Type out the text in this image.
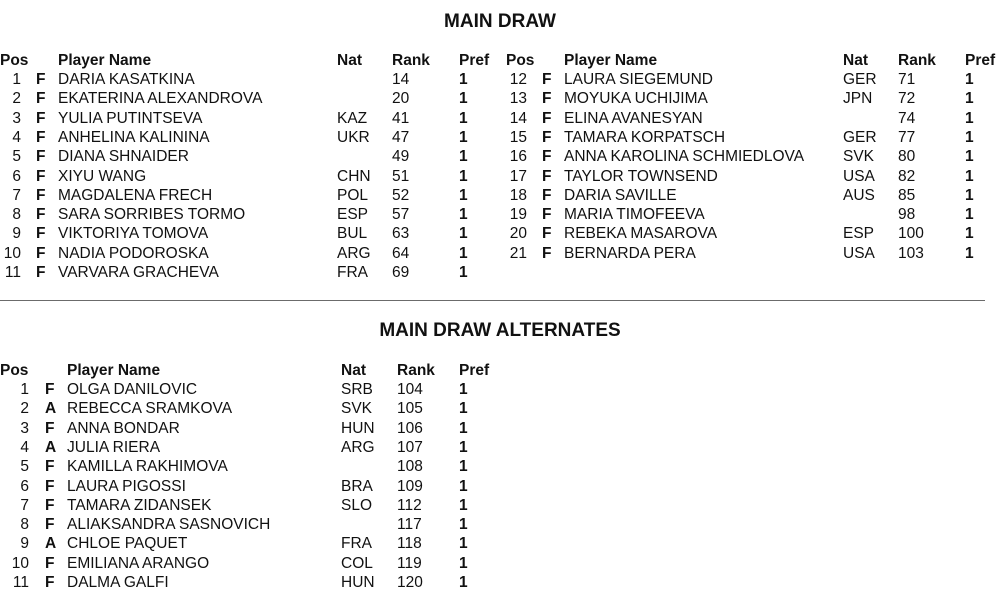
MAIN DRAW
Pos Player Name	Nat Rank Pref
1 F DARIA KASATKINA	14	1
2 F EKATERINA ALEXANDROVA	20	1
3 F YULIA PUTINTSEVA	KAZ 41	1
4 F ANHELINA KALININA	UKR 47	1
5 F DIANA SHNAIDER	49	1
6 F XIYU WANG	CHN 51	1
7 F MAGDALENA FRECH	POL 52	1
8 F SARA SORRIBES TORMO	ESP 57	1
9 F VIKTORIYA TOMOVA	BUL 63	1
10 F NADIA PODOROSKA	ARG 64	1
11 F VARVARA GRACHEVA	FRA 69	1
Pos Player Name	Nat Rank Pref
12 F LAURA SIEGEMUND	GER 71	1
13 F MOYUKA UCHIJIMA	JPN 72	1
14 F ELINA AVANESYAN	74	1
15 F TAMARA KORPATSCH	GER 77	1
16 F ANNA KAROLINA SCHMIEDLOVA	SVK 80	1
17 F TAYLOR TOWNSEND	USA 82	1
18 F DARIA SAVILLE	AUS 85	1
19 F MARIA TIMOFEEVA	98	1
20 F REBEKA MASAROVA	ESP 100	1
21 F BERNARDA PERA	USA 103	1
MAIN DRAW ALTERNATES
Pos Player Name	Nat Rank Pref
1 F OLGA DANILOVIC	SRB 104 1
2 A REBECCA SRAMKOVA	SVK 105 1
3 F ANNA BONDAR	HUN 106 1
4 A JULIA RIERA	ARG 107 1
5 F KAMILLA RAKHIMOVA	108 1
6 F LAURA PIGOSSI	BRA 109 1
7 F TAMARA ZIDANSEK	SLO 112 1
8 F ALIAKSANDRA SASNOVICH	117 1
9 A CHLOE PAQUET	FRA 118 1
10 F EMILIANA ARANGO	COL 119 1
11 F DALMA GALFI	HUN 120 1
